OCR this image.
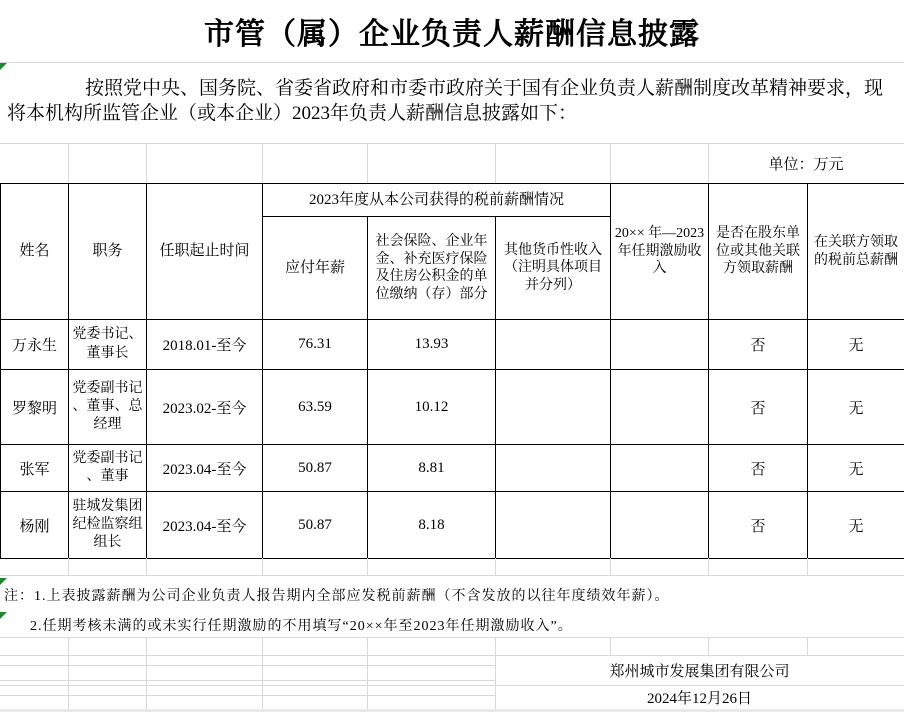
市管（属）企业负责人薪酬信息披露
按照党中央、国务院、省委省政府和市委市政府关于国有企业负责人薪酬制度改革精神要求，现将本机构所监管企业（或本企业）2023年负责人薪酬信息披露如下：
单位：万元
姓名	职务	任职起止时间	2023年度从本公司获得的税前薪酬情况			20×× 年—2023年任期激励收入	是否在股东单位或其他关联方领取薪酬	在关联方领取的税前总薪酬
			应付年薪	社会保险、企业年金、补充医疗保险及住房公积金的单位缴纳（存）部分	其他货币性收入（注明具体项目并分列）			
万永生	党委书记、董事长	2018.01-至今	76.31	13.93			否	无
罗黎明	党委副书记、董事、总经理	2023.02-至今	63.59	10.12			否	无
张军	党委副书记、董事	2023.04-至今	50.87	8.81			否	无
杨刚	驻城发集团纪检监察组组长	2023.04-至今	50.87	8.18			否	无
注：1.上表披露薪酬为公司企业负责人报告期内全部应发税前薪酬（不含发放的以往年度绩效年薪）。
2.任期考核未满的或未实行任期激励的不用填写“20××年至2023年任期激励收入”。
郑州城市发展集团有限公司
2024年12月26日
